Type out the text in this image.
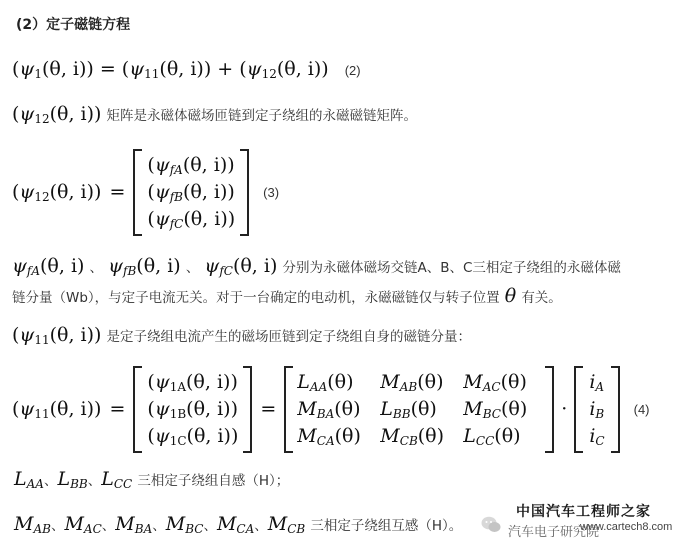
(2）定子磁链方程
($\psi_1(\theta$, $i)) = (\psi_{11}(\theta$, $i)) + (\psi_{12}(\theta$, i)) (2)
($\psi_{12}(\theta$, i)) 矩阵是永磁体磁场匝链到定子绕组的永磁磁链矩阵。
($\psi_{12}(\theta$, i)) =
($\psi_{fA}(\theta$, i))
($\psi_{fB}(\theta$, i))
($\psi_{fC}(\theta$, i))
(3)
$\psi_{fA}(\theta$, i) 、 $\psi_{fB}(\theta$, i) 、 $\psi_{fC}(\theta$, i) 分别为永磁体磁场交链A、B、C三相定子绕组的永磁体磁
链分量（Wb），与定子电流无关。对于一台确定的电动机，永磁磁链仅与转子位置 θ 有关。
($\psi_{11}(\theta$, i)) 是定子绕组电流产生的磁场匝链到定子绕组自身的磁链分量：
($\psi_{11}(\theta$, i)) =
($\psi_{1A}(\theta$, i))
($\psi_{1B}(\theta$, i))
($\psi_{1C}(\theta$, i))
=
$L_{AA}(\theta)$	$M_{AB}(\theta)$	$M_{AC}(\theta)$
$M_{BA}(\theta)$	$L_{BB}(\theta)$	$M_{BC}(\theta)$
$M_{CA}(\theta)$	$M_{CB}(\theta)$	$L_{CC}(\theta)$
·
$i_A$
$i_B$
$i_C$
(4)
$L_{AA}$、$L_{BB}$、$L_{CC}$ 三相定子绕组自感（H）；
$M_{AB}$、$M_{AC}$、$M_{BA}$、$M_{BC}$、$M_{CA}$、$M_{CB}$ 三相定子绕组互感（H）。
中国汽车工程师之家
汽车电子研究院
www.cartech8.com
